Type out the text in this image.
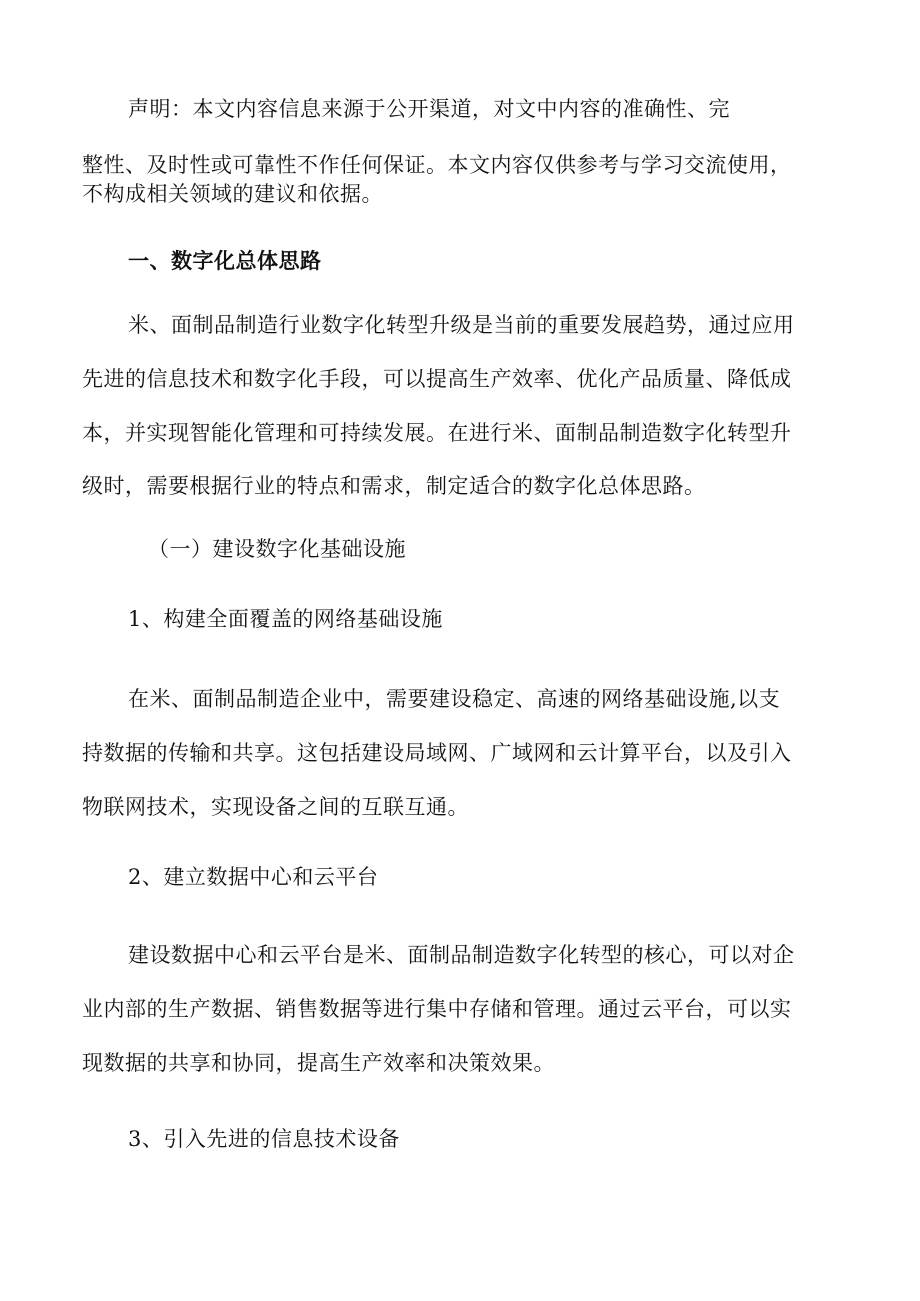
声明：本文内容信息来源于公开渠道，对文中内容的准确性、完
整性、及时性或可靠性不作任何保证。本文内容仅供参考与学习交流使用，
不构成相关领域的建议和依据。
一、数字化总体思路
米、面制品制造行业数字化转型升级是当前的重要发展趋势，通过应用
先进的信息技术和数字化手段，可以提高生产效率、优化产品质量、降低成
本，并实现智能化管理和可持续发展。在进行米、面制品制造数字化转型升
级时，需要根据行业的特点和需求，制定适合的数字化总体思路。
（一）建设数字化基础设施
1、构建全面覆盖的网络基础设施
在米、面制品制造企业中，需要建设稳定、高速的网络基础设施,以支
持数据的传输和共享。这包括建设局域网、广域网和云计算平台，以及引入
物联网技术，实现设备之间的互联互通。
2、建立数据中心和云平台
建设数据中心和云平台是米、面制品制造数字化转型的核心，可以对企
业内部的生产数据、销售数据等进行集中存储和管理。通过云平台，可以实
现数据的共享和协同，提高生产效率和决策效果。
3、引入先进的信息技术设备
